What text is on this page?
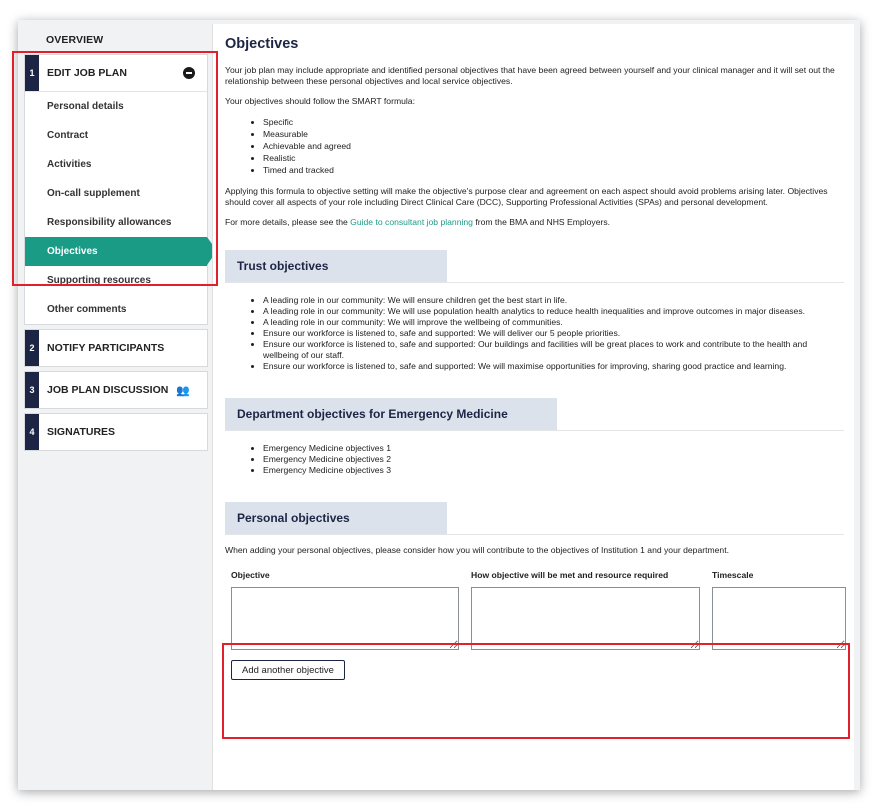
OVERVIEW
1	EDIT JOB PLAN
Personal details
Contract
Activities
On-call supplement
Responsibility allowances
Objectives
Supporting resources
Other comments
2	NOTIFY PARTICIPANTS
3	JOB PLAN DISCUSSION 👥
4	SIGNATURES
Objectives

Your job plan may include appropriate and identified personal objectives that have been agreed between yourself and your clinical manager and it will set out the relationship between these personal objectives and local service objectives.

Your objectives should follow the SMART formula:

• Specific
• Measurable
• Achievable and agreed
• Realistic
• Timed and tracked

Applying this formula to objective setting will make the objective's purpose clear and agreement on each aspect should avoid problems arising later. Objectives should cover all aspects of your role including Direct Clinical Care (DCC), Supporting Professional Activities (SPAs) and personal development.

For more details, please see the Guide to consultant job planning from the BMA and NHS Employers.

Trust objectives
• A leading role in our community: We will ensure children get the best start in life.
• A leading role in our community: We will use population health analytics to reduce health inequalities and improve outcomes in major diseases.
• A leading role in our community: We will improve the wellbeing of communities.
• Ensure our workforce is listened to, safe and supported: We will deliver our 5 people priorities.
• Ensure our workforce is listened to, safe and supported: Our buildings and facilities will be great places to work and contribute to the health and wellbeing of our staff.
• Ensure our workforce is listened to, safe and supported: We will maximise opportunities for improving, sharing good practice and learning.
Department objectives for Emergency Medicine
• Emergency Medicine objectives 1
• Emergency Medicine objectives 2
• Emergency Medicine objectives 3
Personal objectives

When adding your personal objectives, please consider how you will contribute to the objectives of Institution 1 and your department.

Objective	How objective will be met and resource required	Timescale
Add another objective
